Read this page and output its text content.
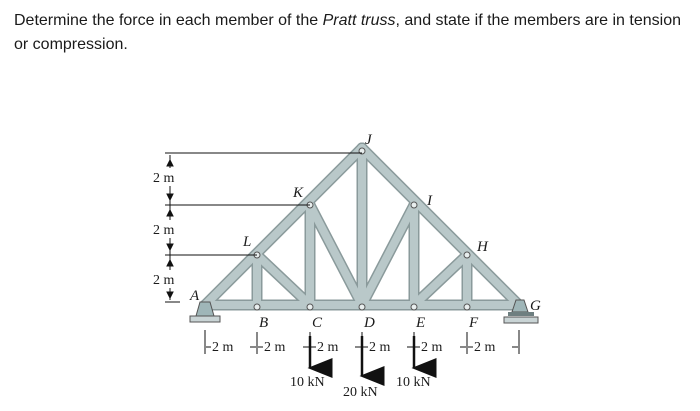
Determine the force in each member of the Pratt truss, and state if the members are in tension or compression.
J
K	I
L	H
A
G
B	C	D	E	F
2 m
2 m
2 m
2 m 2 m 2 m 2 m 2 m 2 m
10 kN
20 kN
10 kN
